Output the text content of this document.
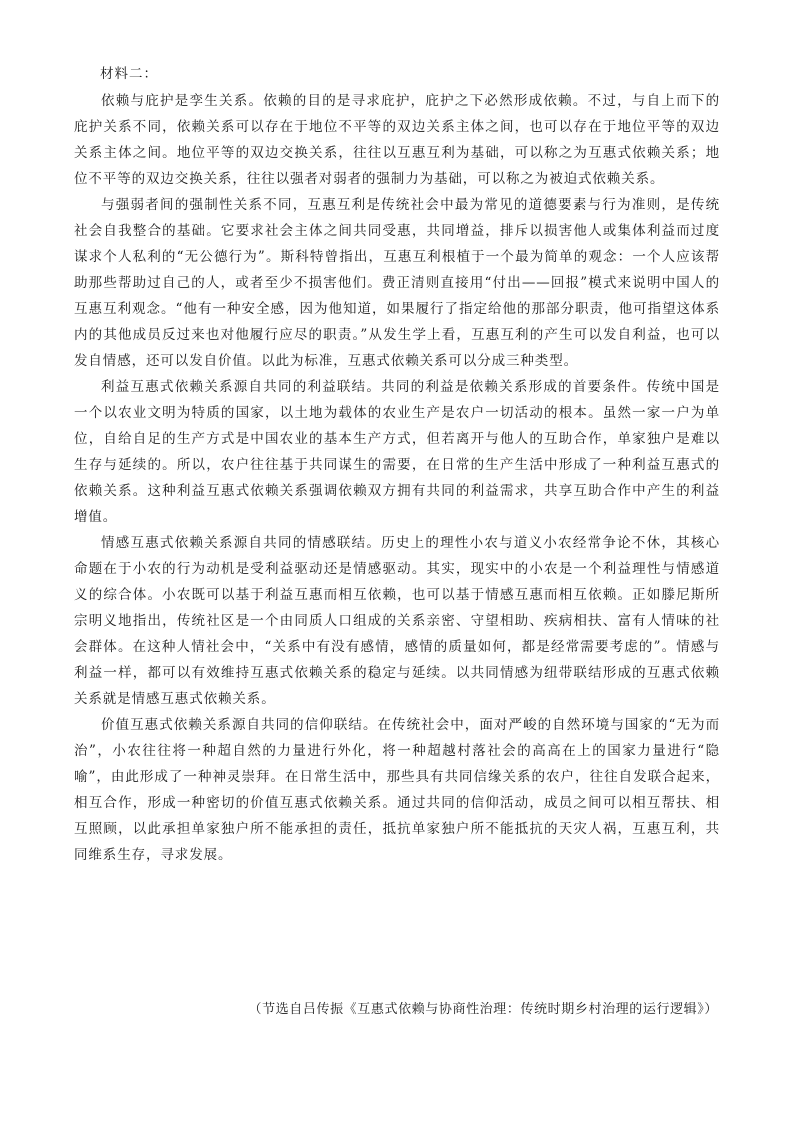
材料二：

依赖与庇护是孪生关系。依赖的目的是寻求庇护，庇护之下必然形成依赖。不过，与自上而下的庇护关系不同，依赖关系可以存在于地位不平等的双边关系主体之间，也可以存在于地位平等的双边关系主体之间。地位平等的双边交换关系，往往以互惠互利为基础，可以称之为互惠式依赖关系；地位不平等的双边交换关系，往往以强者对弱者的强制力为基础，可以称之为被迫式依赖关系。

与强弱者间的强制性关系不同，互惠互利是传统社会中最为常见的道德要素与行为准则，是传统社会自我整合的基础。它要求社会主体之间共同受惠，共同增益，排斥以损害他人或集体利益而过度谋求个人私利的“无公德行为”。斯科特曾指出，互惠互利根植于一个最为简单的观念：一个人应该帮助那些帮助过自己的人，或者至少不损害他们。费正清则直接用“付出——回报”模式来说明中国人的互惠互利观念。“他有一种安全感，因为他知道，如果履行了指定给他的那部分职责，他可指望这体系内的其他成员反过来也对他履行应尽的职责。”从发生学上看，互惠互利的产生可以发自利益，也可以发自情感，还可以发自价值。以此为标准，互惠式依赖关系可以分成三种类型。

利益互惠式依赖关系源自共同的利益联结。共同的利益是依赖关系形成的首要条件。传统中国是一个以农业文明为特质的国家，以土地为载体的农业生产是农户一切活动的根本。虽然一家一户为单位，自给自足的生产方式是中国农业的基本生产方式，但若离开与他人的互助合作，单家独户是难以生存与延续的。所以，农户往往基于共同谋生的需要，在日常的生产生活中形成了一种利益互惠式的依赖关系。这种利益互惠式依赖关系强调依赖双方拥有共同的利益需求，共享互助合作中产生的利益增值。

情感互惠式依赖关系源自共同的情感联结。历史上的理性小农与道义小农经常争论不休，其核心命题在于小农的行为动机是受利益驱动还是情感驱动。其实，现实中的小农是一个利益理性与情感道义的综合体。小农既可以基于利益互惠而相互依赖，也可以基于情感互惠而相互依赖。正如滕尼斯所宗明义地指出，传统社区是一个由同质人口组成的关系亲密、守望相助、疾病相扶、富有人情味的社会群体。在这种人情社会中，“关系中有没有感情，感情的质量如何，都是经常需要考虑的”。情感与利益一样，都可以有效维持互惠式依赖关系的稳定与延续。以共同情感为纽带联结形成的互惠式依赖关系就是情感互惠式依赖关系。

价值互惠式依赖关系源自共同的信仰联结。在传统社会中，面对严峻的自然环境与国家的“无为而治”，小农往往将一种超自然的力量进行外化，将一种超越村落社会的高高在上的国家力量进行“隐喻”，由此形成了一种神灵崇拜。在日常生活中，那些具有共同信缘关系的农户，往往自发联合起来，相互合作，形成一种密切的价值互惠式依赖关系。通过共同的信仰活动，成员之间可以相互帮扶、相互照顾，以此承担单家独户所不能承担的责任，抵抗单家独户所不能抵抗的天灾人祸，互惠互利，共同维系生存，寻求发展。

（节选自吕传振《互惠式依赖与协商性治理：传统时期乡村治理的运行逻辑》）
